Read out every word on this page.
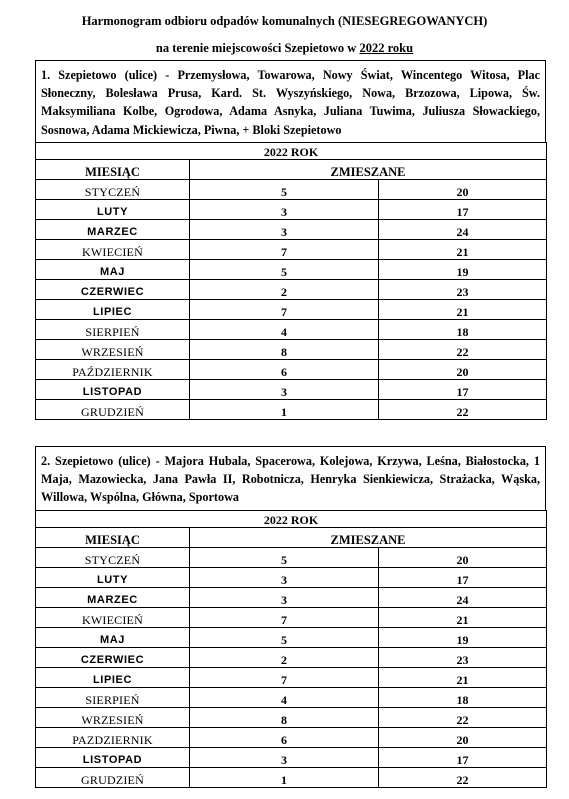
Harmonogram odbioru odpadów komunalnych (NIESEGREGOWANYCH)
na terenie miejscowości Szepietowo w 2022 roku
1. Szepietowo (ulice) - Przemysłowa, Towarowa, Nowy Świat, Wincentego Witosa, Plac Słoneczny, Bolesława Prusa, Kard. St. Wyszyńskiego, Nowa, Brzozowa, Lipowa, Św. Maksymiliana Kolbe, Ogrodowa, Adama Asnyka, Juliana Tuwima, Juliusza Słowackiego, Sosnowa, Adama Mickiewicza, Piwna, + Bloki Szepietowo
2022 ROK		
MIESIĄC	ZMIESZANE	
STYCZEŃ	5	20
LUTY	3	17
MARZEC	3	24
KWIECIEŃ	7	21
MAJ	5	19
CZERWIEC	2	23
LIPIEC	7	21
SIERPIEŃ	4	18
WRZESIEŃ	8	22
PAŹDZIERNIK	6	20
LISTOPAD	3	17
GRUDZIEŃ	1	22
2. Szepietowo (ulice) - Majora Hubala, Spacerowa, Kolejowa, Krzywa, Leśna, Białostocka, 1 Maja, Mazowiecka, Jana Pawła II, Robotnicza, Henryka Sienkiewicza, Strażacka, Wąska, Willowa, Wspólna, Główna, Sportowa
2022 ROK		
MIESIĄC	ZMIESZANE	
STYCZEŃ	5	20
LUTY	3	17
MARZEC	3	24
KWIECIEŃ	7	21
MAJ	5	19
CZERWIEC	2	23
LIPIEC	7	21
SIERPIEŃ	4	18
WRZESIEŃ	8	22
PAZDZIERNIK	6	20
LISTOPAD	3	17
GRUDZIEŃ	1	22
